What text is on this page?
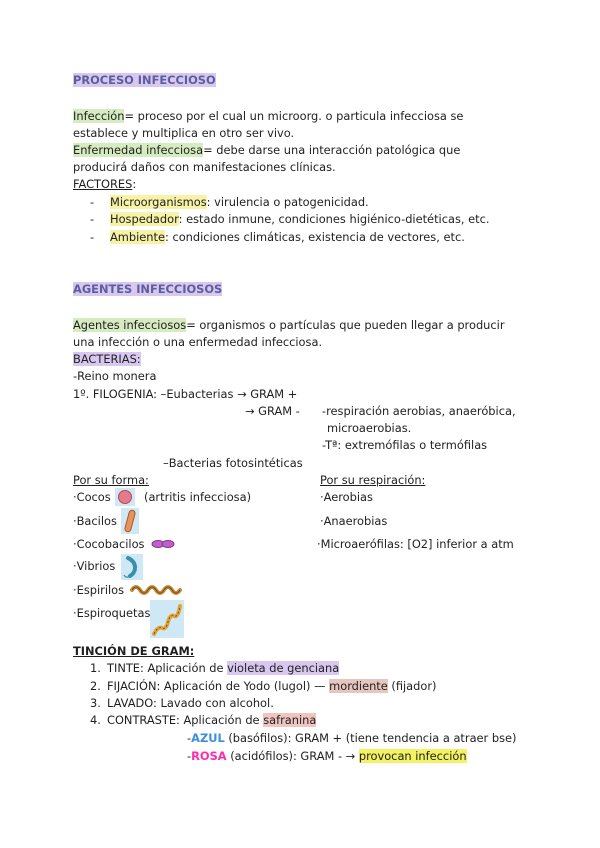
PROCESO INFECCIOSO
Infección= proceso por el cual un microorg. o particula infecciosa se
establece y multiplica en otro ser vivo.
Enfermedad infecciosa= debe darse una interacción patológica que
producirá daños con manifestaciones clínicas.
FACTORES:
- Microorganismos: virulencia o patogenicidad.
- Hospedador: estado inmune, condiciones higiénico-dietéticas, etc.
- Ambiente: condiciones climáticas, existencia de vectores, etc.
AGENTES INFECCIOSOS
Agentes infecciosos= organismos o partículas que pueden llegar a producir
una infección o una enfermedad infecciosa.
BACTERIAS:
-Reino monera
1º. FILOGENIA: –Eubacterias → GRAM +
→ GRAM - -respiración aerobias, anaeróbica,
microaerobias.
-Tª: extremófilas o termófilas
–Bacterias fotosintéticas
Por su forma:	Por su respiración:
·Cocos	(artritis infecciosa)
·Bacilos
·Cocobacilos
·Vibrios
·Espirilos
·Espiroquetas
·Aerobias
·Anaerobias
·Microaerófilas: [O2] inferior a atm
TINCIÓN DE GRAM:
1. TINTE: Aplicación de violeta de genciana
2. FIJACIÓN: Aplicación de Yodo (lugol) — mordiente (fijador)
3. LAVADO: Lavado con alcohol.
4. CONTRASTE: Aplicación de safranina
-AZUL (basófilos): GRAM + (tiene tendencia a atraer bse)
-ROSA (acidófilos): GRAM - → provocan infección
